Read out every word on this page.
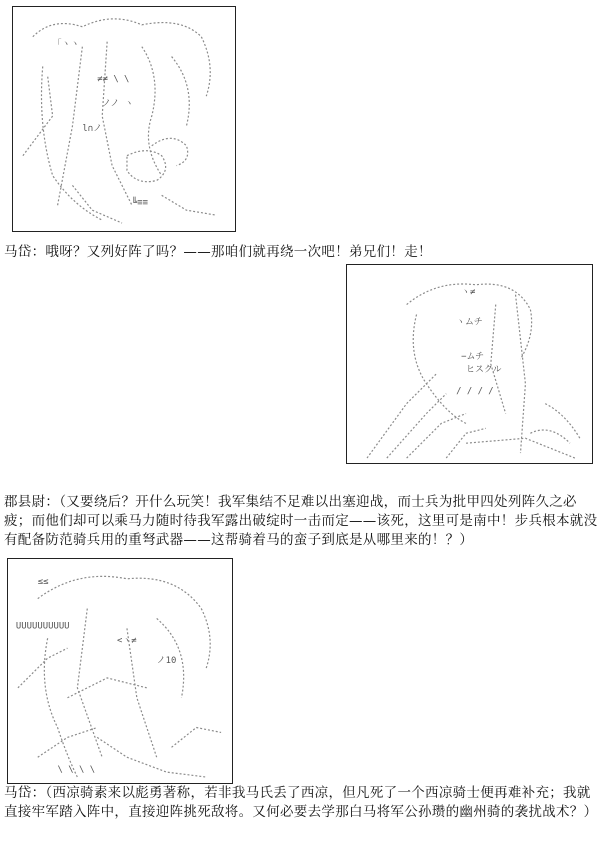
「ヽヽ
≠≠ \ \
ノノ ヽ
l∩ノ
╚≡≡
马岱：哦呀？又列好阵了吗？——那咱们就再绕一次吧！弟兄们！走！
ヽ≠
ヽムチ
−ムチ
ヒスクル
/ / / /
郡县尉：（又要绕后？开什么玩笑！我军集结不足难以出塞迎战，而士兵为批甲四处列阵久之必疲；而他们却可以乘马力随时待我军露出破绽时一击而定——该死，这里可是南中！步兵根本就没有配备防范骑兵用的重弩武器——这帮骑着马的蛮子到底是从哪里来的！？）
≤≤
UUUUUUUUUU
<ヽ≠
ノ10
\ \ \ \
马岱：（西凉骑素来以彪勇著称，若非我马氏丢了西凉，但凡死了一个西凉骑士便再难补充；我就直接牢军踏入阵中，直接迎阵挑死敌将。又何必要去学那白马将军公孙瓒的幽州骑的袭扰战术？）
